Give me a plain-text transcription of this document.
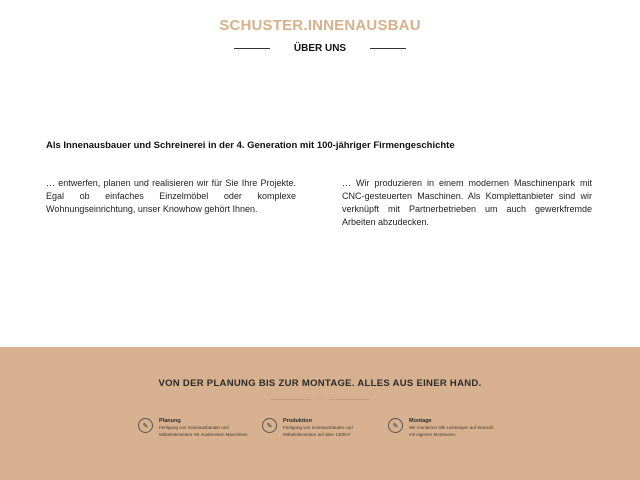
SCHUSTER.INNENAUSBAU
ÜBER UNS
Als Innenausbauer und Schreinerei in der 4. Generation mit 100-jähriger Firmengeschichte
… entwerfen, planen und realisieren wir für Sie Ihre Projekte. Egal ob einfaches Einzelmöbel oder komplexe Wohnungseinrichtung, unser Knowhow gehört Ihnen.
… Wir produzieren in einem modernen Maschinenpark mit CNC-gesteuerten Maschinen. Als Komplettanbieter sind wir verknüpft mit Partnerbetrieben um auch gewerkfremde Arbeiten abzudecken.
VON DER PLANUNG BIS ZUR MONTAGE. ALLES AUS EINER HAND.
♡
✎
Planung
Fertigung von Innenausbauten und Möbelelementen mit modernsten Maschinen
✎
Produktion
Fertigung von Innenausbauten und Möbelelementen auf über 1400m²
✎
Montage
Wir montieren alle Leistungen auf Wunsch mit eigenen Monteuren.
